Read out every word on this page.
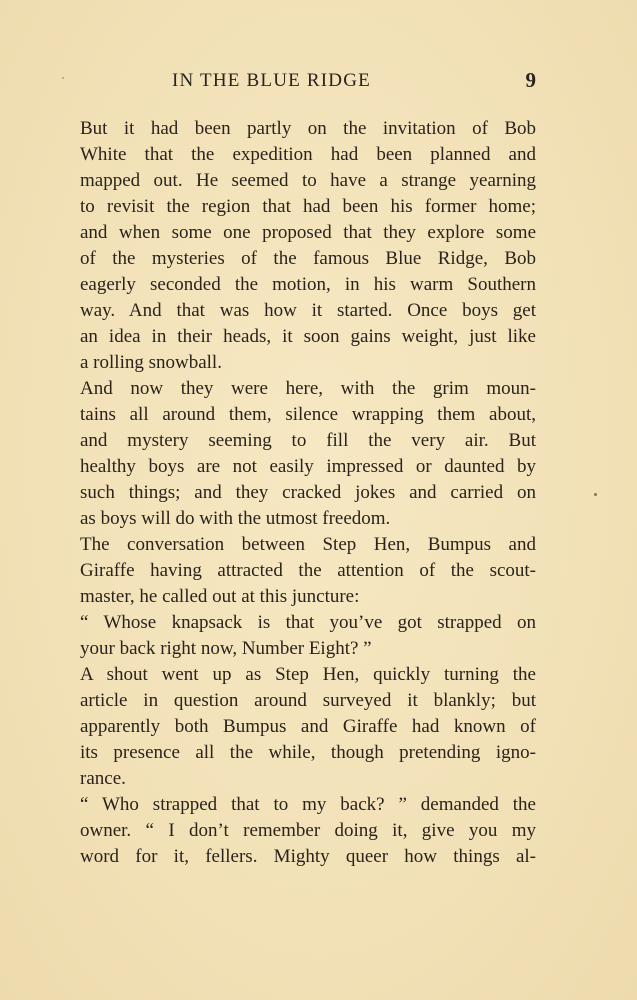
IN THE BLUE RIDGE	9
But it had been partly on the invitation of Bob
White that the expedition had been planned and
mapped out. He seemed to have a strange yearning
to revisit the region that had been his former home;
and when some one proposed that they explore some
of the mysteries of the famous Blue Ridge, Bob
eagerly seconded the motion, in his warm Southern
way. And that was how it started. Once boys get
an idea in their heads, it soon gains weight, just like
a rolling snowball.
And now they were here, with the grim moun-
tains all around them, silence wrapping them about,
and mystery seeming to fill the very air. But
healthy boys are not easily impressed or daunted by
such things; and they cracked jokes and carried on
as boys will do with the utmost freedom.
The conversation between Step Hen, Bumpus and
Giraffe having attracted the attention of the scout-
master, he called out at this juncture:
“ Whose knapsack is that you’ve got strapped on
your back right now, Number Eight? ”
A shout went up as Step Hen, quickly turning the
article in question around surveyed it blankly; but
apparently both Bumpus and Giraffe had known of
its presence all the while, though pretending igno-
rance.
“ Who strapped that to my back? ” demanded the
owner. “ I don’t remember doing it, give you my
word for it, fellers. Mighty queer how things al-
